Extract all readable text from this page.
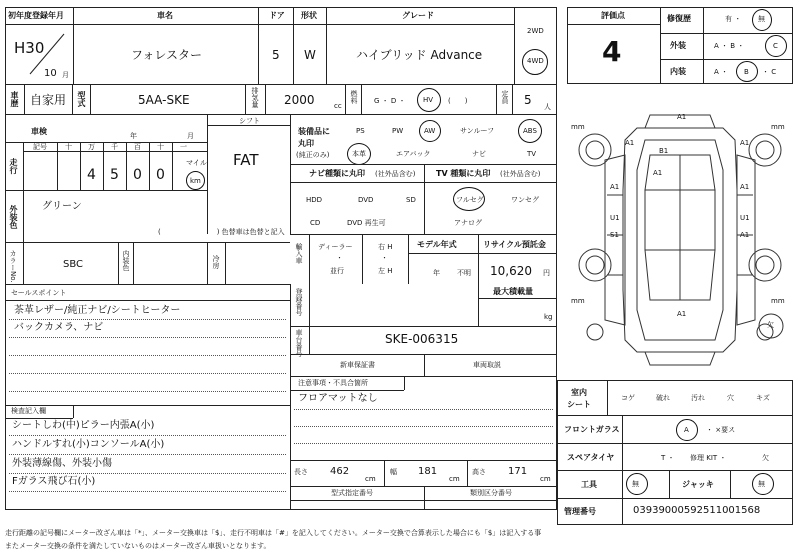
初年度登録年月	車名	ドア 形状	グレード
H30
10 月
フォレスター	5 W	ハイブリッド Advance
2WD
4WD
車歴 自家用 型式	5AA-SKE	排気量 2000	cc
燃料 G ・ D ・	HV (　　)	定員 5 人
車検	年	月
走行
記号	十 万 千 百 十 一
4 5 0 0
マイル
km
シフト
FAT
装備品に
丸印
(純正のみ)
PS	PW	AW	サンルーフ	ABS
本革	エアバック	ナビ	TV
ナビ種類に丸印 (社外品含む)	TV 種類に丸印 (社外品含む)
HDD	DVD	SD
CD	DVD 再生可
フルセグ	ワンセグ
アナログ
外装色 グリーン
(　　　　　　　　) 色替車は色替と記入
カラーNo.	SBC	内装色	冷房	輸入車 ディーラー
・
並行
右 H
・
左 H
モデル年式
年 不明
リサイクル預託金
10,620 円
セールスポイント
茶革レザー/純正ナビ/シートヒーター
バックカメラ、ナビ
登録番号	最大積載量
kg
車台番号	SKE-006315
新車保証書	車両取説
注意事項・不具合箇所
フロアマットなし
検査記入欄
シートしわ(中)ピラー内張A(小)
ハンドルすれ(小)コンソールA(小)
外装薄線傷、外装小傷
Fガラス飛び石(小)
長さ 462
cm
幅 181
cm
高さ 171
cm
型式指定番号	類別区分番号
評価点
4
修復歴	有 ・ 無
外装	A ・ B ・	C
内装	A ・ B ・ C
A1
A1	A1
B1
A1
A1
U1
S1
U1
A1
A1
A1
mm	mm
mm	mm
欠
室内
シート
コゲ	破れ	汚れ	穴	キズ
フロントガラス	A ・ ×要ス
スペアタイヤ	T ・ 修理 KIT ・	欠
工具	無	ジャッキ	無
管理番号	039390005925110015​68
走行距離の記号欄にメーター改ざん車は「*」、メーター交換車は「$」、走行不明車は「#」を記入してください。メーター交換で合算表示した場合にも「$」は記入する事
またメーター交換の条件を満たしていないものはメーター改ざん車扱いとなります。
